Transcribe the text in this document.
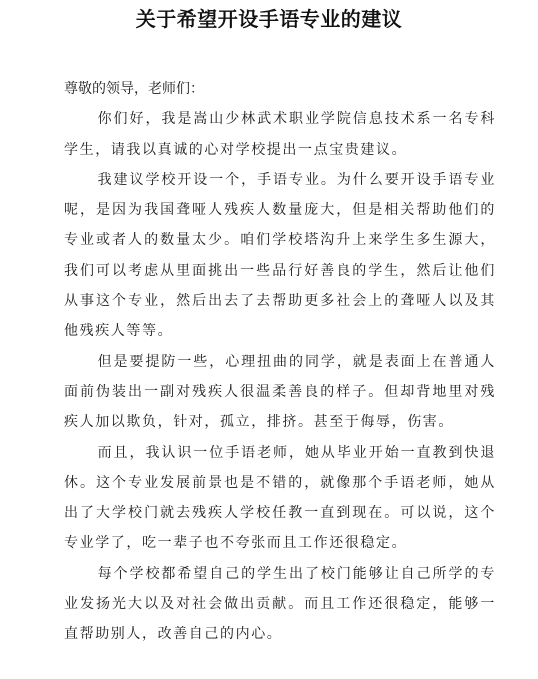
关于希望开设手语专业的建议

尊敬的领导，老师们：

你们好，我是嵩山少林武术职业学院信息技术系一名专科学生，请我以真诚的心对学校提出一点宝贵建议。

我建议学校开设一个，手语专业。为什么要开设手语专业呢，是因为我国聋哑人残疾人数量庞大，但是相关帮助他们的专业或者人的数量太少。咱们学校塔沟升上来学生多生源大，我们可以考虑从里面挑出一些品行好善良的学生，然后让他们从事这个专业，然后出去了去帮助更多社会上的聋哑人以及其他残疾人等等。

但是要提防一些，心理扭曲的同学，就是表面上在普通人面前伪装出一副对残疾人很温柔善良的样子。但却背地里对残疾人加以欺负，针对，孤立，排挤。甚至于侮辱，伤害。

而且，我认识一位手语老师，她从毕业开始一直教到快退休。这个专业发展前景也是不错的，就像那个手语老师，她从出了大学校门就去残疾人学校任教一直到现在。可以说，这个专业学了，吃一辈子也不夸张而且工作还很稳定。

每个学校都希望自己的学生出了校门能够让自己所学的专业发扬光大以及对社会做出贡献。而且工作还很稳定，能够一直帮助别人，改善自己的内心。
